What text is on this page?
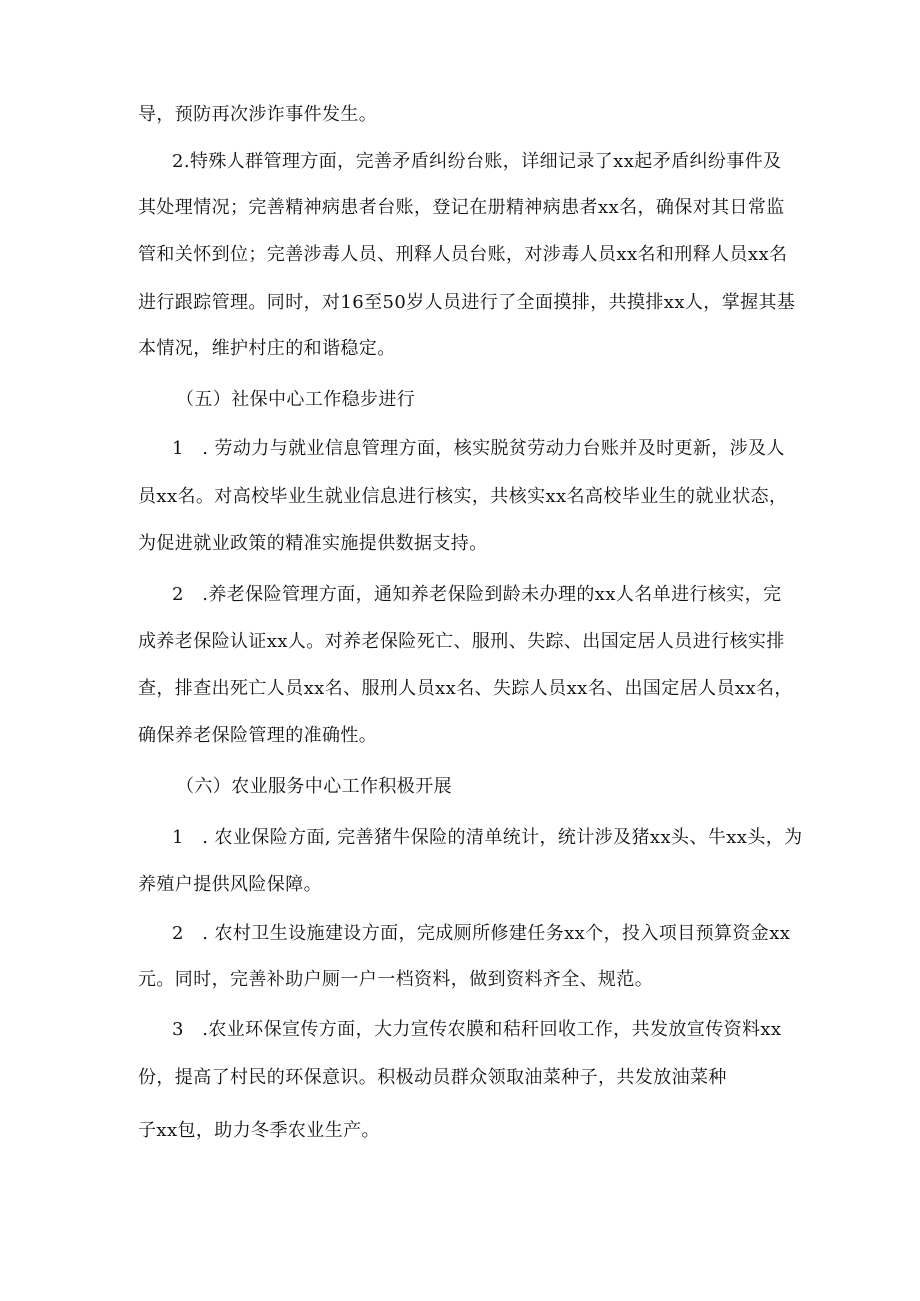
导，预防再次涉诈事件发生。
2.特殊人群管理方面，完善矛盾纠纷台账，详细记录了xx起矛盾纠纷事件及
其处理情况；完善精神病患者台账，登记在册精神病患者xx名，确保对其日常监
管和关怀到位；完善涉毒人员、刑释人员台账，对涉毒人员xx名和刑释人员xx名
进行跟踪管理。同时，对16至50岁人员进行了全面摸排，共摸排xx人，掌握其基
本情况，维护村庄的和谐稳定。
（五）社保中心工作稳步进行
1　. 劳动力与就业信息管理方面，核实脱贫劳动力台账并及时更新，涉及人
员xx名。对高校毕业生就业信息进行核实，共核实xx名高校毕业生的就业状态，
为促进就业政策的精准实施提供数据支持。
2　.养老保险管理方面，通知养老保险到龄未办理的xx人名单进行核实，完
成养老保险认证xx人。对养老保险死亡、服刑、失踪、出国定居人员进行核实排
查，排查出死亡人员xx名、服刑人员xx名、失踪人员xx名、出国定居人员xx名，
确保养老保险管理的准确性。
（六）农业服务中心工作积极开展
1　. 农业保险方面, 完善猪牛保险的清单统计，统计涉及猪xx头、牛xx头，为
养殖户提供风险保障。
2　. 农村卫生设施建设方面，完成厕所修建任务xx个，投入项目预算资金xx
元。同时，完善补助户厕一户一档资料，做到资料齐全、规范。
3　.农业环保宣传方面，大力宣传农膜和秸秆回收工作，共发放宣传资料xx
份，提高了村民的环保意识。积极动员群众领取油菜种子，共发放油菜种
子xx包，助力冬季农业生产。
